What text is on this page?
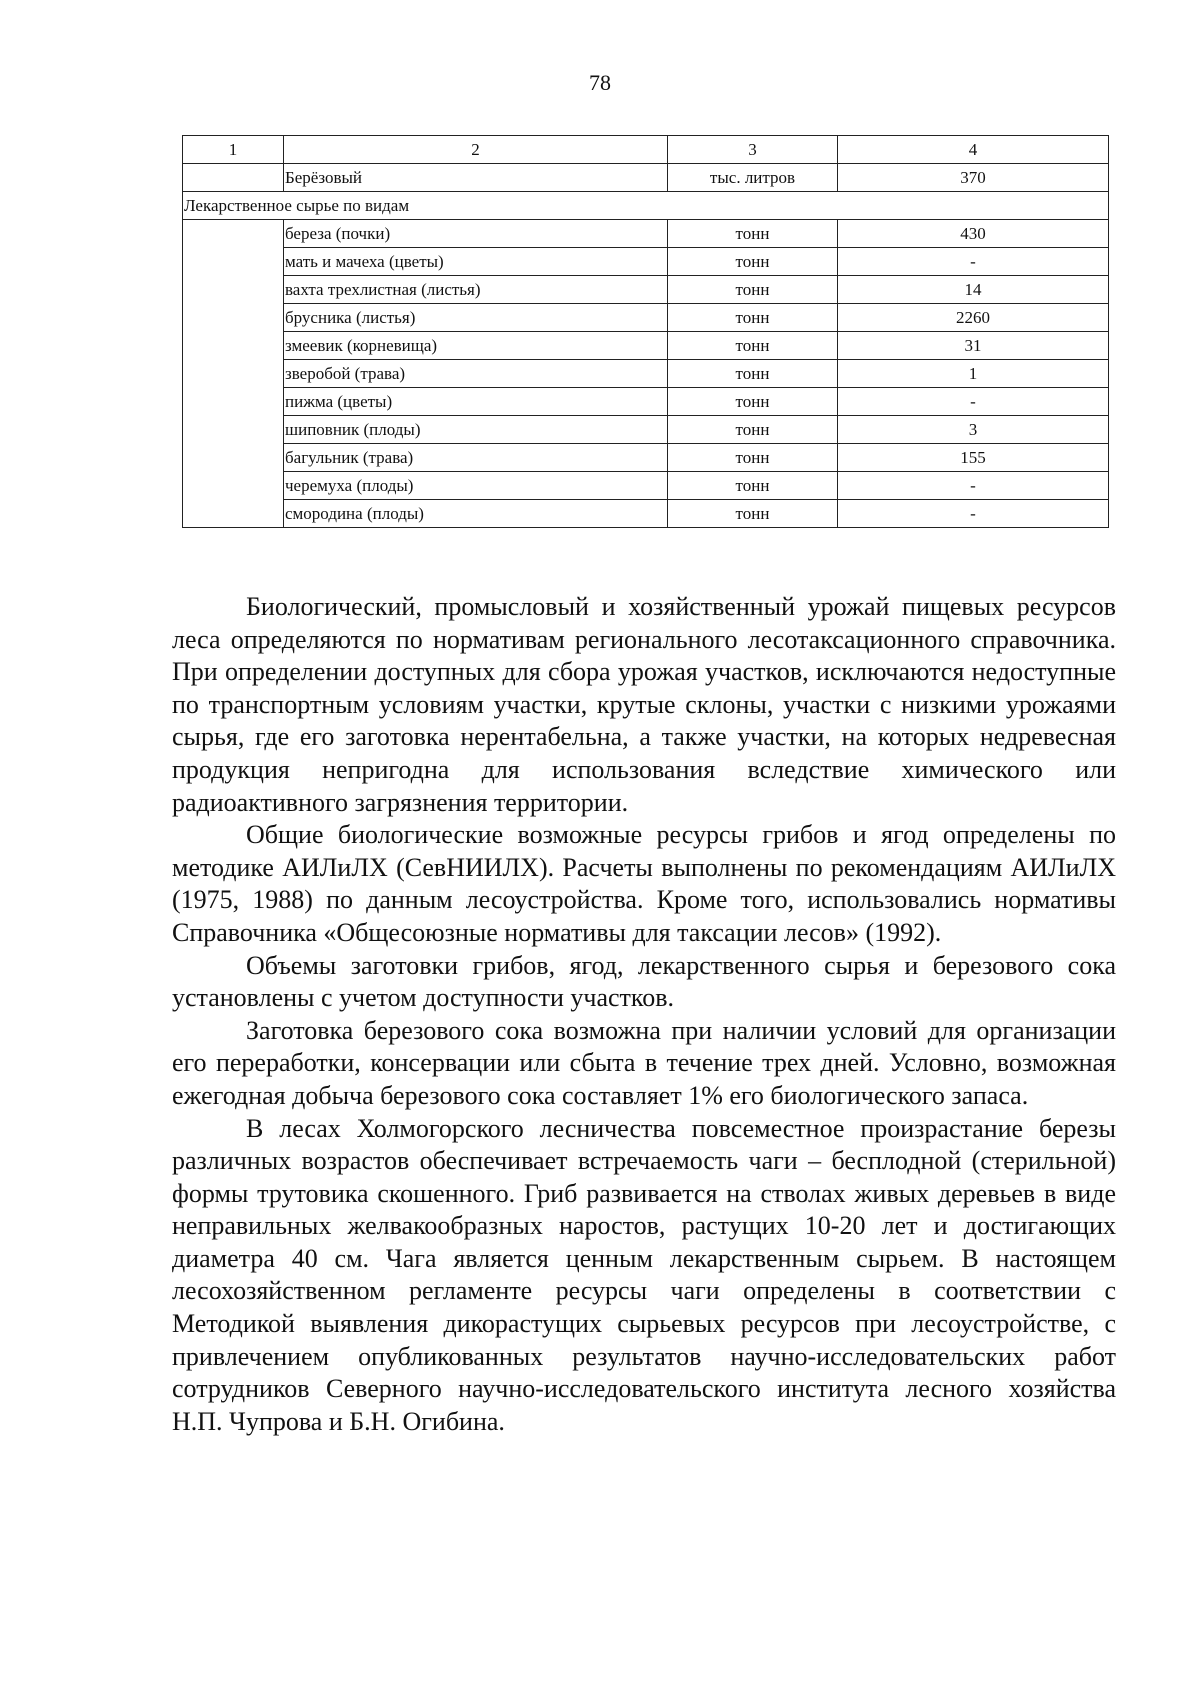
78
1	2	3	4
	Берёзовый	тыс. литров	370
Лекарственное сырье по видам			
	береза (почки)	тонн	430
	мать и мачеха (цветы)	тонн	-
	вахта трехлистная (листья)	тонн	14
	брусника (листья)	тонн	2260
	змеевик (корневища)	тонн	31
	зверобой (трава)	тонн	1
	пижма (цветы)	тонн	-
	шиповник (плоды)	тонн	3
	багульник (трава)	тонн	155
	черемуха (плоды)	тонн	-
	смородина (плоды)	тонн	-

Биологический, промысловый и хозяйственный урожай пищевых ресурсов леса определяются по нормативам регионального лесотаксационного справочника. При определении доступных для сбора урожая участков, исключаются недоступные по транспортным условиям участки, крутые склоны, участки с низкими урожаями сырья, где его заготовка нерентабельна, а также участки, на которых недревесная продукция непригодна для использования вследствие химического или радиоактивного загрязнения территории.

Общие биологические возможные ресурсы грибов и ягод определены по методике АИЛиЛХ (СевНИИЛХ). Расчеты выполнены по рекомендациям АИЛиЛХ (1975, 1988) по данным лесоустройства. Кроме того, использовались нормативы Справочника «Общесоюзные нормативы для таксации лесов» (1992).

Объемы заготовки грибов, ягод, лекарственного сырья и березового сока установлены с учетом доступности участков.

Заготовка березового сока возможна при наличии условий для организации его переработки, консервации или сбыта в течение трех дней. Условно, возможная ежегодная добыча березового сока составляет 1% его биологического запаса.

В лесах Холмогорского лесничества повсеместное произрастание березы различных возрастов обеспечивает встречаемость чаги – бесплодной (стерильной) формы трутовика скошенного. Гриб развивается на стволах живых деревьев в виде неправильных желвакообразных наростов, растущих 10-20 лет и достигающих диаметра 40 см. Чага является ценным лекарственным сырьем. В настоящем лесохозяйственном регламенте ресурсы чаги определены в соответствии с Методикой выявления дикорастущих сырьевых ресурсов при лесоустройстве, с привлечением опубликованных результатов научно-исследовательских работ сотрудников Северного научно-исследовательского института лесного хозяйства Н.П. Чупрова и Б.Н. Огибина.
